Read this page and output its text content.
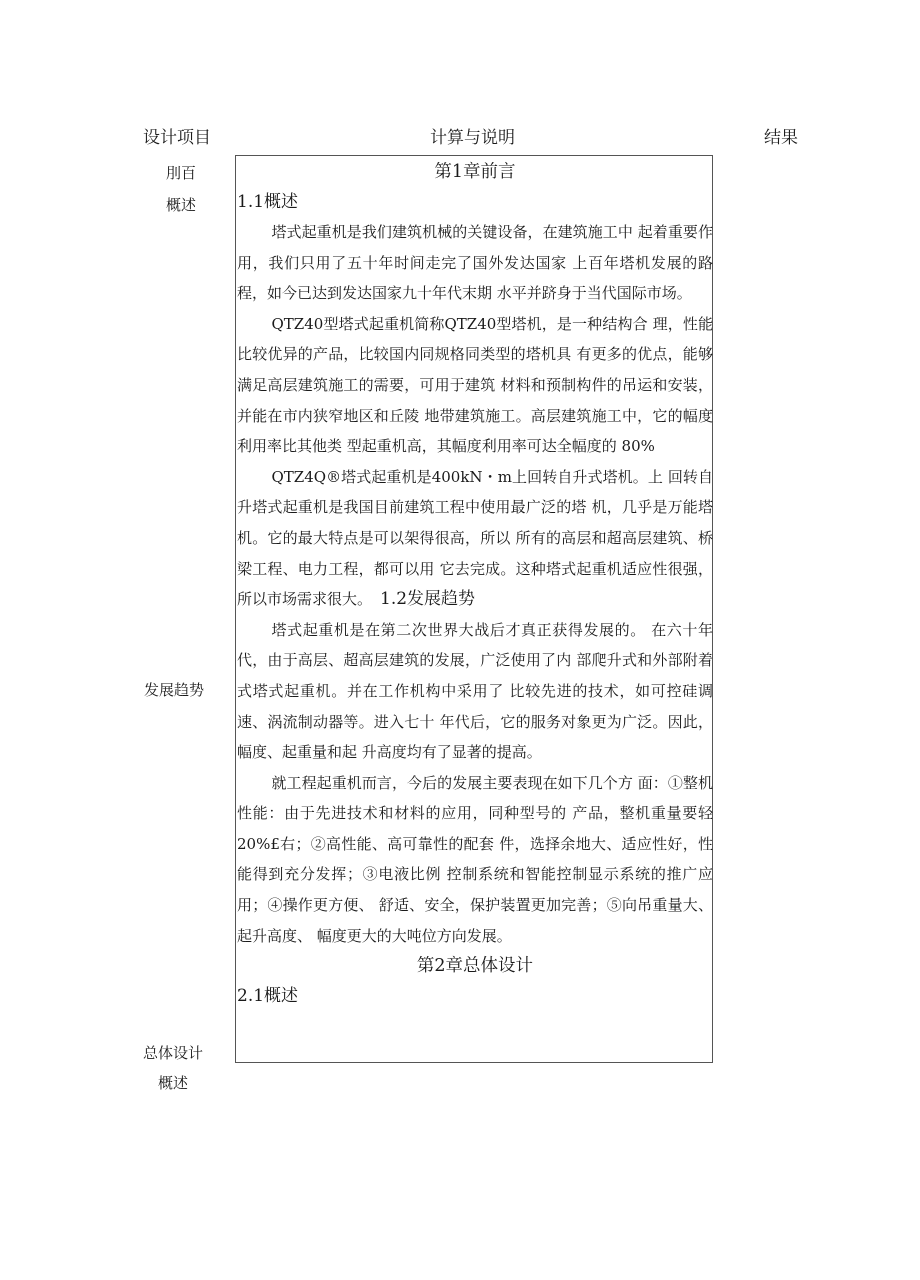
设计项目	计算与说明	结果
刖百
概述
发展趋势
总体设计
概述

第1章前言

1.1概述

塔式起重机是我们建筑机械的关键设备，在建筑施工中 起着重要作用，我们只用了五十年时间走完了国外发达国家 上百年塔机发展的路程，如今已达到发达国家九十年代末期 水平并跻身于当代国际市场。

QTZ40型塔式起重机简称QTZ40型塔机，是一种结构合 理，性能比较优异的产品，比较国内同规格同类型的塔机具 有更多的优点，能够满足高层建筑施工的需要，可用于建筑 材料和预制构件的吊运和安装，并能在市内狭窄地区和丘陵 地带建筑施工。高层建筑施工中，它的幅度利用率比其他类 型起重机高，其幅度利用率可达全幅度的 80%

QTZ4Q®塔式起重机是400kN・m上回转自升式塔机。上 回转自升塔式起重机是我国目前建筑工程中使用最广泛的塔 机，几乎是万能塔机。它的最大特点是可以架得很高，所以 所有的高层和超高层建筑、桥梁工程、电力工程，都可以用 它去完成。这种塔式起重机适应性很强，所以市场需求很大。 1.2发展趋势

塔式起重机是在第二次世界大战后才真正获得发展的。 在六十年代，由于高层、超高层建筑的发展，广泛使用了内 部爬升式和外部附着式塔式起重机。并在工作机构中采用了 比较先进的技术，如可控硅调速、涡流制动器等。进入七十 年代后，它的服务对象更为广泛。因此，幅度、起重量和起 升高度均有了显著的提高。

就工程起重机而言，今后的发展主要表现在如下几个方 面：①整机性能：由于先进技术和材料的应用，同种型号的 产品，整机重量要轻20%£右；②高性能、高可靠性的配套 件，选择余地大、适应性好，性能得到充分发挥；③电液比例 控制系统和智能控制显示系统的推广应用；④操作更方便、 舒适、安全，保护装置更加完善；⑤向吊重量大、起升高度、 幅度更大的大吨位方向发展。

第2章总体设计

2.1概述
